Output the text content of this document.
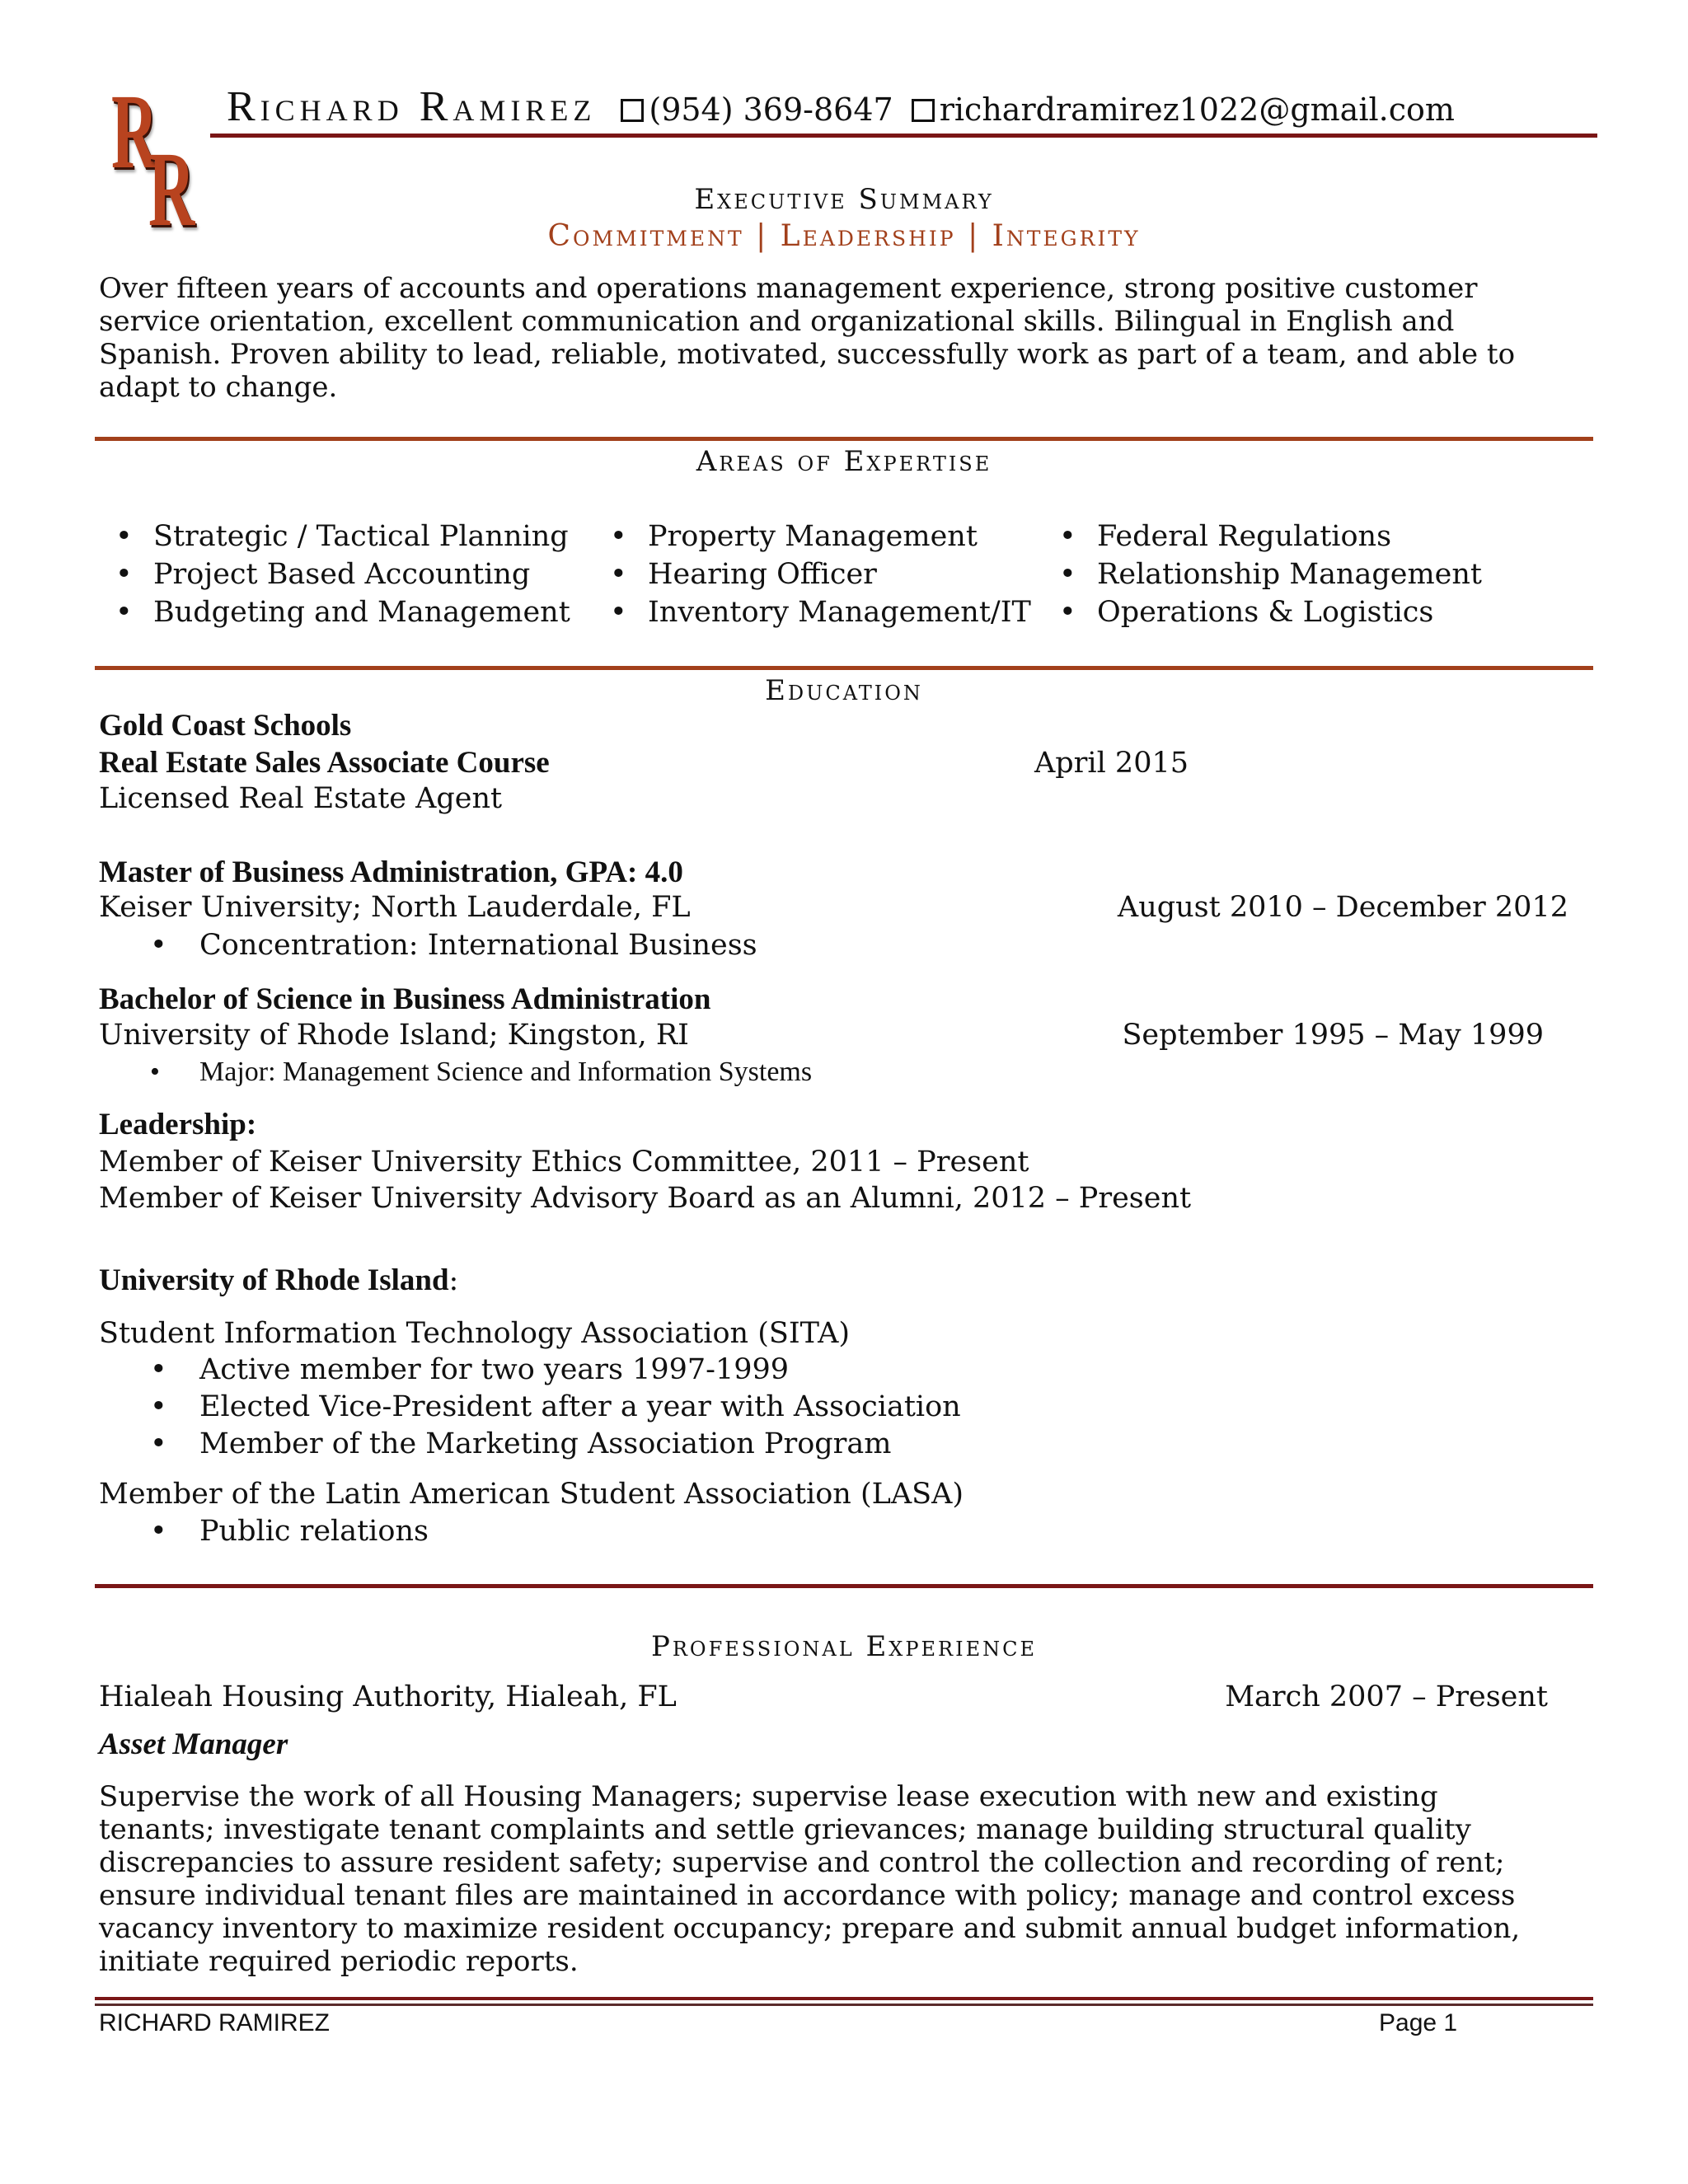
R
R
Richard Ramirez	(954) 369-8647	richardramirez1022@gmail.com
Executive Summary
Commitment | Leadership | Integrity
Over fifteen years of accounts and operations management experience, strong positive customer service orientation, excellent communication and organizational skills. Bilingual in English and Spanish. Proven ability to lead, reliable, motivated, successfully work as part of a team, and able to adapt to change.
Areas of Expertise
• Strategic / Tactical Planning
• Project Based Accounting
• Budgeting and Management
• Property Management
• Hearing Officer
• Inventory Management/IT
• Federal Regulations
• Relationship Management
• Operations & Logistics
Education
Gold Coast Schools
Real Estate Sales Associate Course	April 2015
Licensed Real Estate Agent
Master of Business Administration, GPA: 4.0
Keiser University; North Lauderdale, FL	August 2010 – December 2012
• Concentration: International Business
Bachelor of Science in Business Administration
University of Rhode Island; Kingston, RI	September 1995 – May 1999
• Major: Management Science and Information Systems
Leadership:
Member of Keiser University Ethics Committee, 2011 – Present
Member of Keiser University Advisory Board as an Alumni, 2012 – Present
University of Rhode Island:
Student Information Technology Association (SITA)
• Active member for two years 1997-1999
• Elected Vice-President after a year with Association
• Member of the Marketing Association Program
Member of the Latin American Student Association (LASA)
• Public relations
Professional Experience
Hialeah Housing Authority, Hialeah, FL	March 2007 – Present
Asset Manager
Supervise the work of all Housing Managers; supervise lease execution with new and existing tenants; investigate tenant complaints and settle grievances; manage building structural quality discrepancies to assure resident safety; supervise and control the collection and recording of rent; ensure individual tenant files are maintained in accordance with policy; manage and control excess vacancy inventory to maximize resident occupancy; prepare and submit annual budget information, initiate required periodic reports.
RICHARD RAMIREZ	Page 1
